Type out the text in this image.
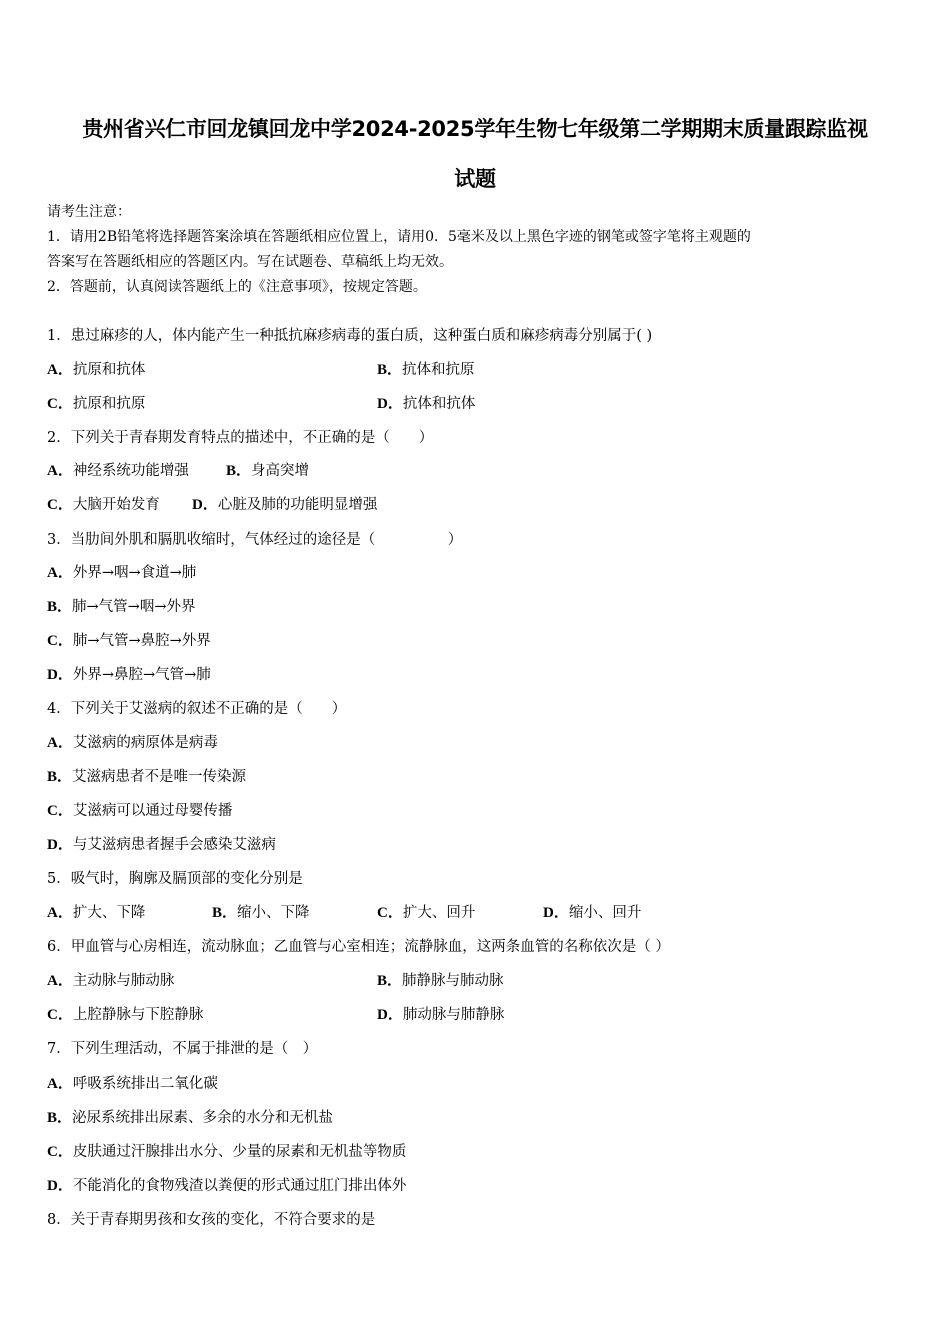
贵州省兴仁市回龙镇回龙中学2024-2025学年生物七年级第二学期期末质量跟踪监视
试题
请考生注意：
1．请用2B铅笔将选择题答案涂填在答题纸相应位置上，请用0．5毫米及以上黑色字迹的钢笔或签字笔将主观题的
答案写在答题纸相应的答题区内。写在试题卷、草稿纸上均无效。
2．答题前，认真阅读答题纸上的《注意事项》，按规定答题。
1．患过麻疹的人，体内能产生一种抵抗麻疹病毒的蛋白质，这种蛋白质和麻疹病毒分别属于( )
A．抗原和抗体	B．抗体和抗原
C．抗原和抗原	D．抗体和抗体
2．下列关于青春期发育特点的描述中，不正确的是（　　）
A．神经系统功能增强 B．身高突增
C．大脑开始发育 D．心脏及肺的功能明显增强
3．当肋间外肌和膈肌收缩时，气体经过的途径是（　　　　　）
A．外界→咽→食道→肺
B．肺→气管→咽→外界
C．肺→气管→鼻腔→外界
D．外界→鼻腔→气管→肺
4．下列关于艾滋病的叙述不正确的是（　　）
A．艾滋病的病原体是病毒
B．艾滋病患者不是唯一传染源
C．艾滋病可以通过母婴传播
D．与艾滋病患者握手会感染艾滋病
5．吸气时，胸廓及膈顶部的变化分别是
A．扩大、下降	B．缩小、下降	C．扩大、回升	D．缩小、回升
6．甲血管与心房相连，流动脉血；乙血管与心室相连；流静脉血，这两条血管的名称依次是（ ）
A．主动脉与肺动脉	B．肺静脉与肺动脉
C．上腔静脉与下腔静脉	D．肺动脉与肺静脉
7．下列生理活动，不属于排泄的是（　）
A．呼吸系统排出二氧化碳
B．泌尿系统排出尿素、多余的水分和无机盐
C．皮肤通过汗腺排出水分、少量的尿素和无机盐等物质
D．不能消化的食物残渣以粪便的形式通过肛门排出体外
8．关于青春期男孩和女孩的变化，不符合要求的是
